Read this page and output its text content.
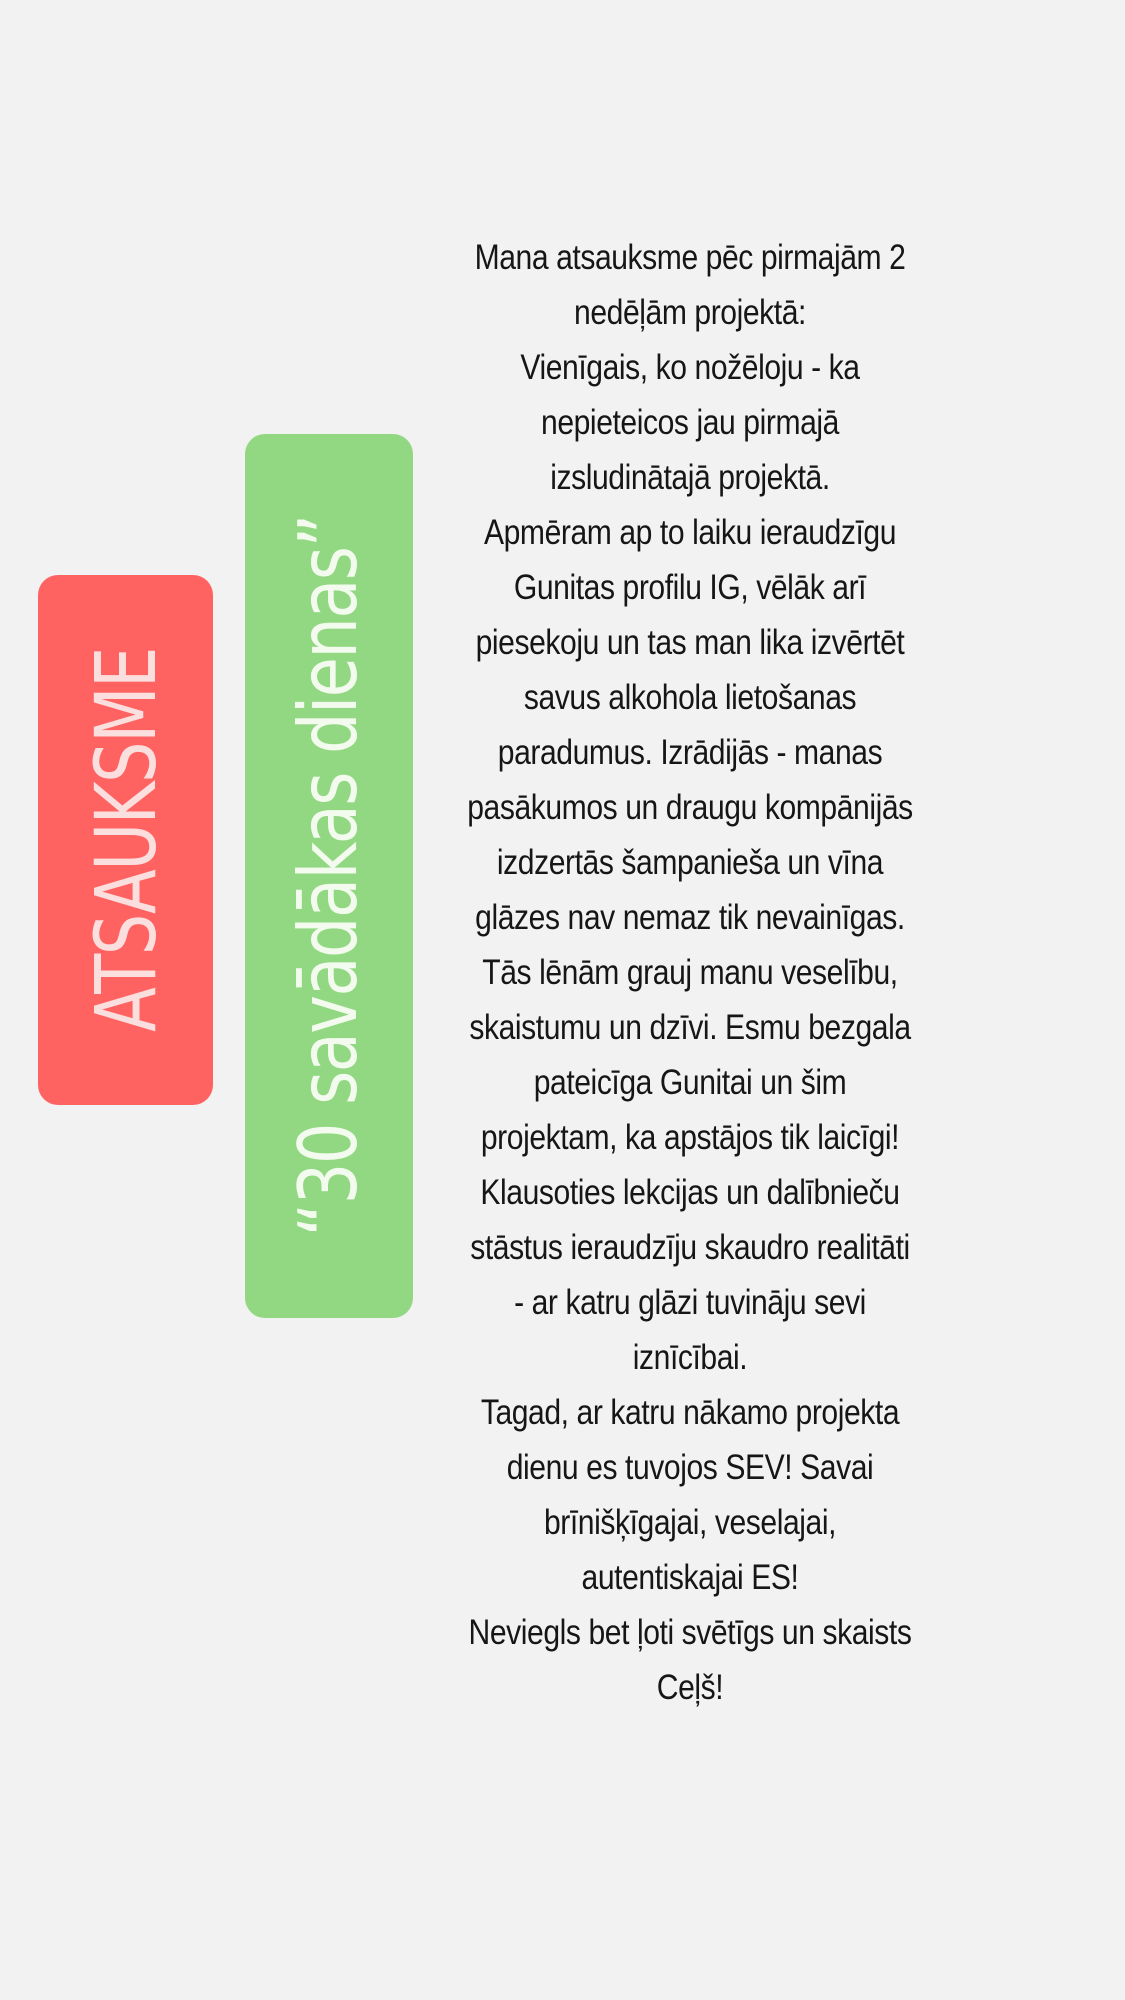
ATSAUKSME “30 savādākas dienas”

Mana atsauksme pēc pirmajām 2 nedēļām projektā:

Vienīgais, ko nožēloju - ka nepieteicos jau pirmajā izsludinātajā projektā.

Apmēram ap to laiku ieraudzīgu Gunitas profilu IG, vēlāk arī piesekoju un tas man lika izvērtēt savus alkohola lietošanas paradumus. Izrādijās - manas pasākumos un draugu kompānijās izdzertās šampanieša un vīna glāzes nav nemaz tik nevainīgas. Tās lēnām grauj manu veselību, skaistumu un dzīvi. Esmu bezgala pateicīga Gunitai un šim projektam, ka apstājos tik laicīgi! Klausoties lekcijas un dalībnieču stāstus ieraudzīju skaudro realitāti - ar katru glāzi tuvināju sevi iznīcībai.

Tagad, ar katru nākamo projekta dienu es tuvojos SEV! Savai brīnišķīgajai, veselajai, autentiskajai ES!

Neviegls bet ļoti svētīgs un skaists Ceļš!
